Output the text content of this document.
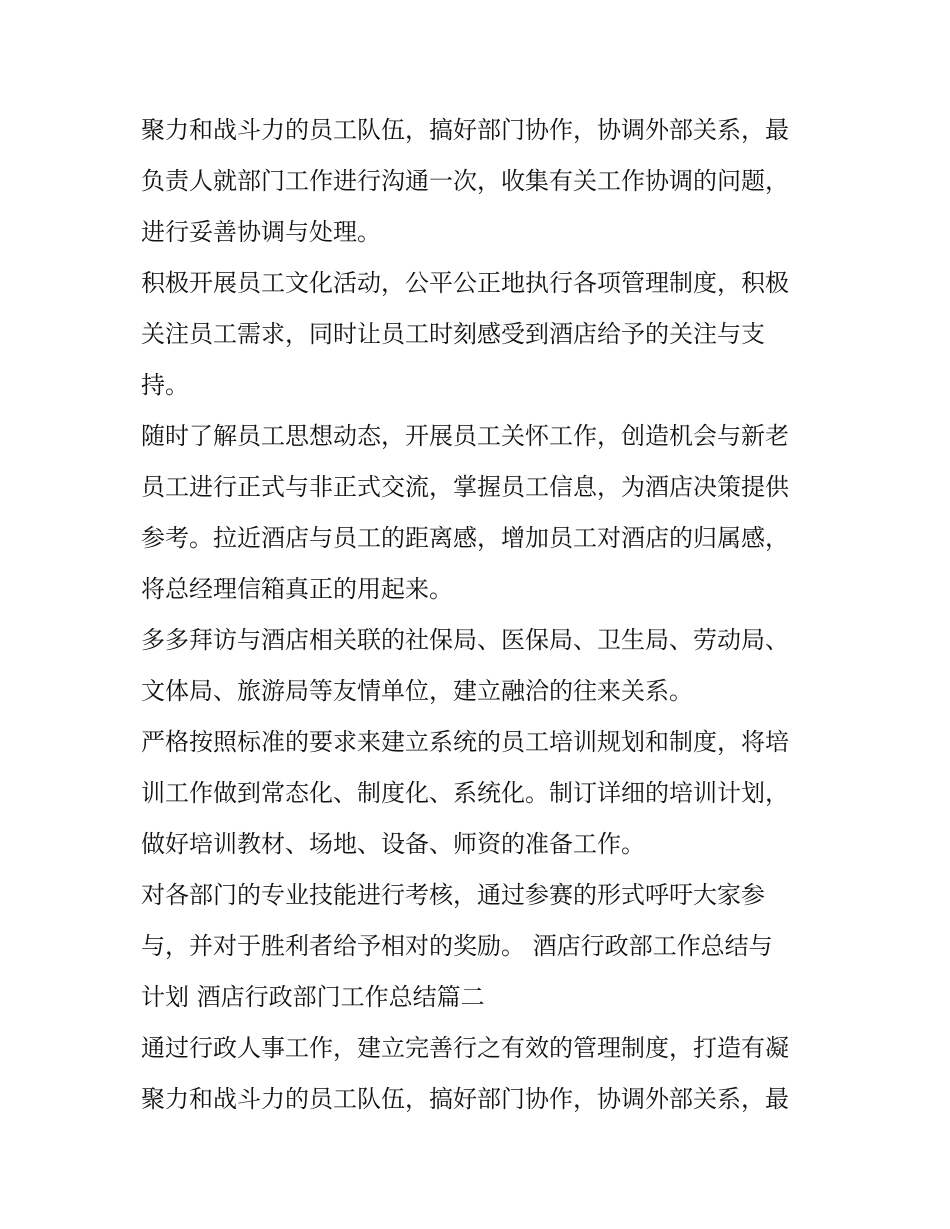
聚力和战斗力的员工队伍，搞好部门协作，协调外部关系，最
负责人就部门工作进行沟通一次，收集有关工作协调的问题，
进行妥善协调与处理。
积极开展员工文化活动，公平公正地执行各项管理制度，积极
关注员工需求，同时让员工时刻感受到酒店给予的关注与支
持。
随时了解员工思想动态，开展员工关怀工作，创造机会与新老
员工进行正式与非正式交流，掌握员工信息，为酒店决策提供
参考。拉近酒店与员工的距离感，增加员工对酒店的归属感，
将总经理信箱真正的用起来。
多多拜访与酒店相关联的社保局、医保局、卫生局、劳动局、
文体局、旅游局等友情单位，建立融洽的往来关系。
严格按照标准的要求来建立系统的员工培训规划和制度，将培
训工作做到常态化、制度化、系统化。制订详细的培训计划，
做好培训教材、场地、设备、师资的准备工作。
对各部门的专业技能进行考核，通过参赛的形式呼吁大家参
与，并对于胜利者给予相对的奖励。 酒店行政部工作总结与
计划 酒店行政部门工作总结篇二
通过行政人事工作，建立完善行之有效的管理制度，打造有凝
聚力和战斗力的员工队伍，搞好部门协作，协调外部关系，最
